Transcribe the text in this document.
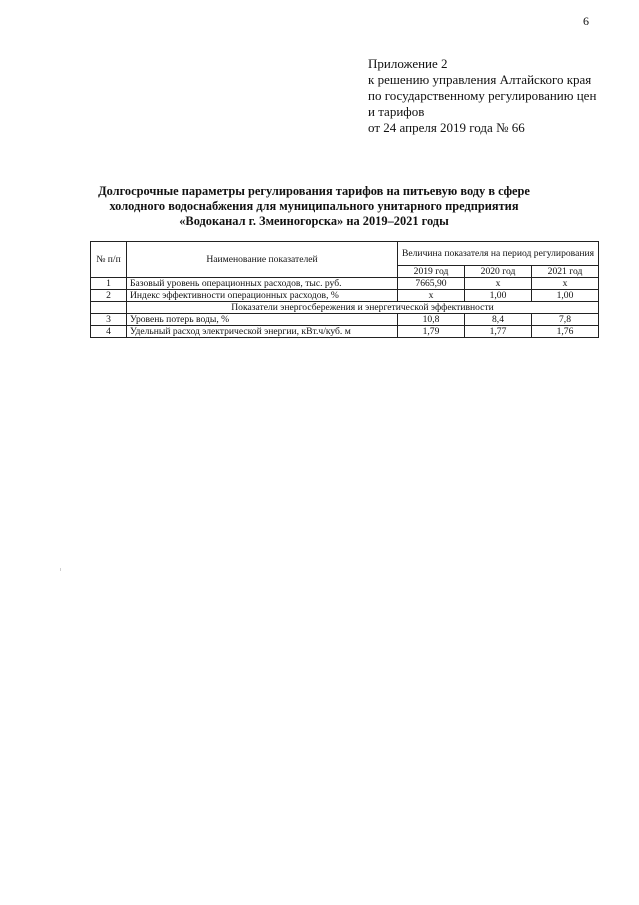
6
Приложение 2
к решению управления Алтайского края
по государственному регулированию цен
и тарифов
от 24 апреля 2019 года № 66
Долгосрочные параметры регулирования тарифов на питьевую воду в сфере
холодного водоснабжения для муниципального унитарного предприятия
«Водоканал г. Змеиногорска» на 2019–2021 годы
№ п/п	Наименование показателей	Величина показателя на период регулирования		
		2019 год	2020 год	2021 год
1	Базовый уровень операционных расходов, тыс. руб.	7665,90	х	х
2	Индекс эффективности операционных расходов, %	х	1,00	1,00
	Показатели энергосбережения и энергетической эффективности			
3	Уровень потерь воды, %	10,8	8,4	7,8
4	Удельный расход электрической энергии, кВт.ч/куб. м	1,79	1,77	1,76
